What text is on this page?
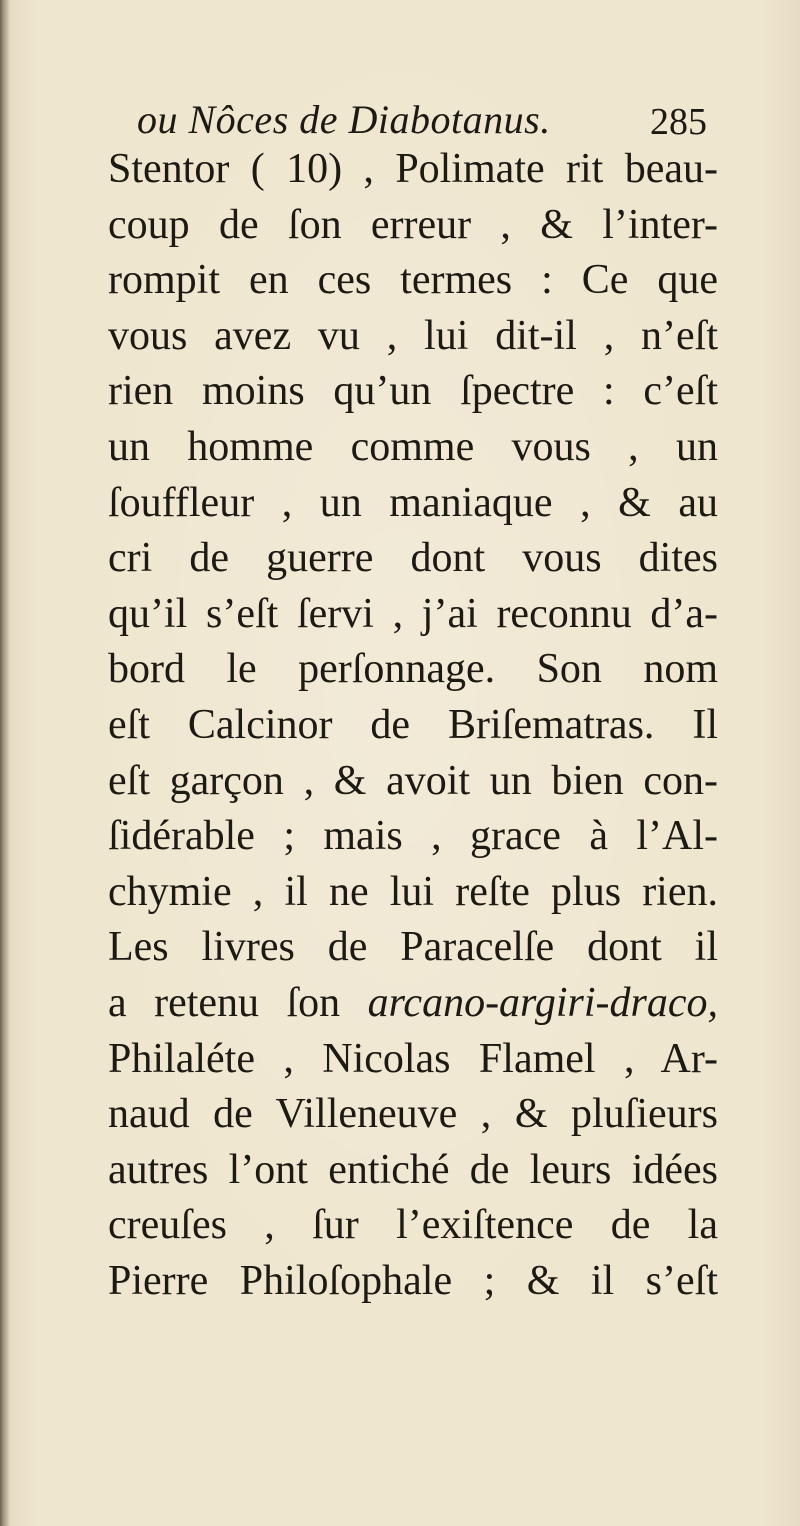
ou Nôces de Diabotanus.	285
Stentor ( 10) , Polimate rit beau-
coup de ſon erreur , & l’inter-
rompit en ces termes : Ce que
vous avez vu , lui dit-il , n’eſt
rien moins qu’un ſpectre : c’eſt
un homme comme vous , un
ſouffleur , un maniaque , & au
cri de guerre dont vous dites
qu’il s’eſt ſervi , j’ai reconnu d’a-
bord le perſonnage. Son nom
eſt Calcinor de Briſematras. Il
eſt garçon , & avoit un bien con-
ſidérable ; mais , grace à l’Al-
chymie , il ne lui reſte plus rien.
Les livres de Paracelſe dont il
a retenu ſon arcano-argiri-draco,
Philaléte , Nicolas Flamel , Ar-
naud de Villeneuve , & pluſieurs
autres l’ont entiché de leurs idées
creuſes , ſur l’exiſtence de la
Pierre Philoſophale ; & il s’eſt
